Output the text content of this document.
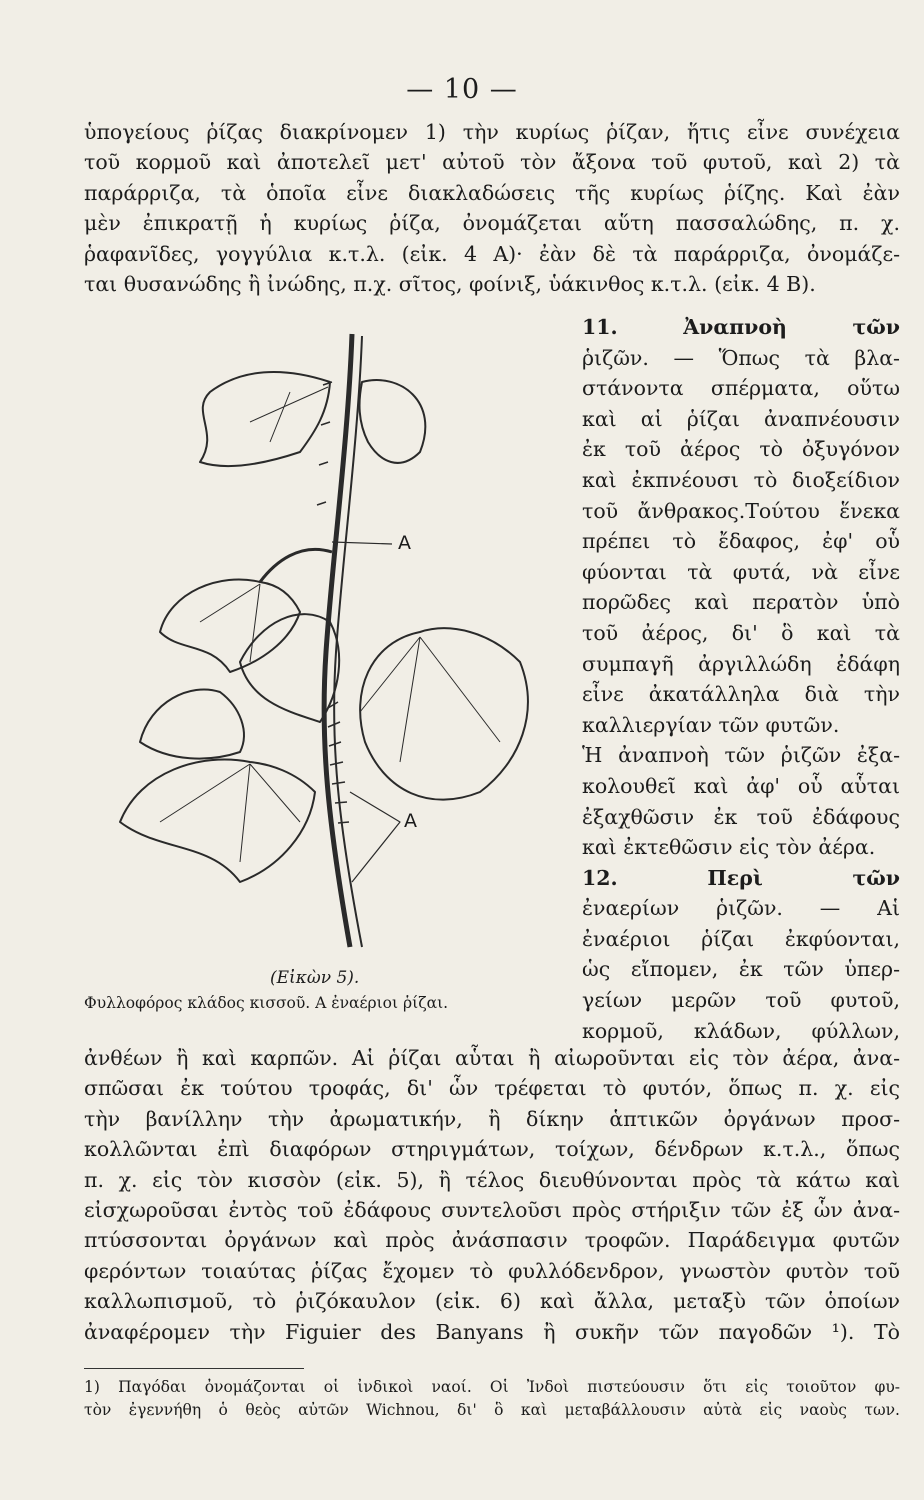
— 10 —
ὑπογείους ῥίζας διακρίνομεν 1) τὴν κυρίως ῥίζαν, ἥτις εἶνε συνέχεια
τοῦ κορμοῦ καὶ ἀποτελεῖ μετ' αὐτοῦ τὸν ἄξονα τοῦ φυτοῦ, καὶ 2) τὰ
παράρριζα, τὰ ὁποῖα εἶνε διακλαδώσεις τῆς κυρίως ῥίζης. Καὶ ἐὰν
μὲν ἐπικρατῇ ἡ κυρίως ῥίζα, ὀνομάζεται αὕτη πασσαλώδης, π. χ.
ῥαφανῖδες, γογγύλια κ.τ.λ. (εἰκ. 4 Α)· ἐὰν δὲ τὰ παράρριζα, ὀνομάζε-
ται θυσανώδης ἢ ἰνώδης, π.χ. σῖτος, φοίνιξ, ὑάκινθος κ.τ.λ. (εἰκ. 4 Β).
11. Ἀναπνοὴ τῶν
ῥιζῶν. — Ὅπως τὰ βλα-
στάνοντα σπέρματα, οὕτω
καὶ αἱ ῥίζαι ἀναπνέουσιν
ἐκ τοῦ ἀέρος τὸ ὀξυγόνον
καὶ ἐκπνέουσι τὸ διοξείδιον
τοῦ ἄνθρακος.Τούτου ἕνεκα
πρέπει τὸ ἔδαφος, ἐφ' οὗ
φύονται τὰ φυτά, νὰ εἶνε
πορῶδες καὶ περατὸν ὑπὸ
τοῦ ἀέρος, δι' ὃ καὶ τὰ
συμπαγῆ ἀργιλλώδη ἐδάφη
εἶνε ἀκατάλληλα διὰ τὴν
καλλιεργίαν τῶν φυτῶν.
Ἡ ἀναπνοὴ τῶν ῥιζῶν ἐξα-
κολουθεῖ καὶ ἀφ' οὗ αὗται
ἐξαχθῶσιν ἐκ τοῦ ἐδάφους
καὶ ἐκτεθῶσιν εἰς τὸν ἀέρα.
12. Περὶ τῶν
ἐναερίων ῥιζῶν. — Αἱ
ἐναέριοι ῥίζαι ἐκφύονται,
ὡς εἴπομεν, ἐκ τῶν ὑπερ-
γείων μερῶν τοῦ φυτοῦ,
κορμοῦ, κλάδων, φύλλων,
A
A
(Εἰκὼν 5).
Φυλλοφόρος κλάδος κισσοῦ. Α ἐναέριοι ῥίζαι.
ἀνθέων ἢ καὶ καρπῶν. Αἱ ῥίζαι αὗται ἢ αἰωροῦνται εἰς τὸν ἀέρα, ἀνα-
σπῶσαι ἐκ τούτου τροφάς, δι' ὧν τρέφεται τὸ φυτόν, ὅπως π. χ. εἰς
τὴν βανίλλην τὴν ἀρωματικήν, ἢ δίκην ἁπτικῶν ὀργάνων προσ-
κολλῶνται ἐπὶ διαφόρων στηριγμάτων, τοίχων, δένδρων κ.τ.λ., ὅπως
π. χ. εἰς τὸν κισσὸν (εἰκ. 5), ἢ τέλος διευθύνονται πρὸς τὰ κάτω καὶ
εἰσχωροῦσαι ἐντὸς τοῦ ἐδάφους συντελοῦσι πρὸς στήριξιν τῶν ἐξ ὧν ἀνα-
πτύσσονται ὀργάνων καὶ πρὸς ἀνάσπασιν τροφῶν. Παράδειγμα φυτῶν
φερόντων τοιαύτας ῥίζας ἔχομεν τὸ φυλλόδενδρον, γνωστὸν φυτὸν τοῦ
καλλωπισμοῦ, τὸ ῥιζόκαυλον (εἰκ. 6) καὶ ἄλλα, μεταξὺ τῶν ὁποίων
ἀναφέρομεν τὴν Figuier des Banyans ἢ συκῆν τῶν παγοδῶν ¹). Τὸ
1) Παγόδαι ὀνομάζονται οἱ ἰνδικοὶ ναοί. Οἱ Ἰνδοὶ πιστεύουσιν ὅτι εἰς τοιοῦτον φυ-
τὸν ἐγεννήθη ὁ θεὸς αὐτῶν Wichnou, δι' ὃ καὶ μεταβάλλουσιν αὐτὰ εἰς ναοὺς των.
